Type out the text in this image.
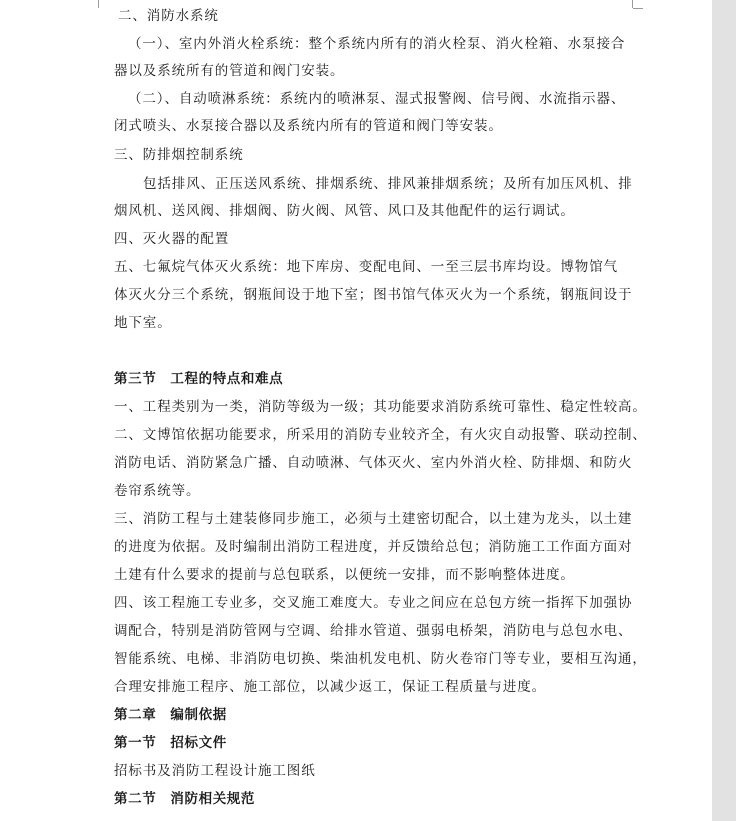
二、消防水系统
（一）、室内外消火栓系统：整个系统内所有的消火栓泵、消火栓箱、水泵接合
器以及系统所有的管道和阀门安装。
（二）、自动喷淋系统：系统内的喷淋泵、湿式报警阀、信号阀、水流指示器、
闭式喷头、水泵接合器以及系统内所有的管道和阀门等安装。
三、防排烟控制系统
包括排风、正压送风系统、排烟系统、排风兼排烟系统；及所有加压风机、排
烟风机、送风阀、排烟阀、防火阀、风管、风口及其他配件的运行调试。
四、灭火器的配置
五、七氟烷气体灭火系统：地下库房、变配电间、一至三层书库均设。博物馆气
体灭火分三个系统，钢瓶间设于地下室；图书馆气体灭火为一个系统，钢瓶间设于
地下室。
第三节　工程的特点和难点
一、工程类别为一类，消防等级为一级；其功能要求消防系统可靠性、稳定性较高。
二、文博馆依据功能要求，所采用的消防专业较齐全，有火灾自动报警、联动控制、
消防电话、消防紧急广播、自动喷淋、气体灭火、室内外消火栓、防排烟、和防火
卷帘系统等。
三、消防工程与土建装修同步施工，必须与土建密切配合，以土建为龙头，以土建
的进度为依据。及时编制出消防工程进度，并反馈给总包；消防施工工作面方面对
土建有什么要求的提前与总包联系，以便统一安排，而不影响整体进度。
四、该工程施工专业多，交叉施工难度大。专业之间应在总包方统一指挥下加强协
调配合，特别是消防管网与空调、给排水管道、强弱电桥架，消防电与总包水电、
智能系统、电梯、非消防电切换、柴油机发电机、防火卷帘门等专业，要相互沟通，
合理安排施工程序、施工部位，以减少返工，保证工程质量与进度。
第二章　编制依据
第一节　招标文件
招标书及消防工程设计施工图纸
第二节　消防相关规范
